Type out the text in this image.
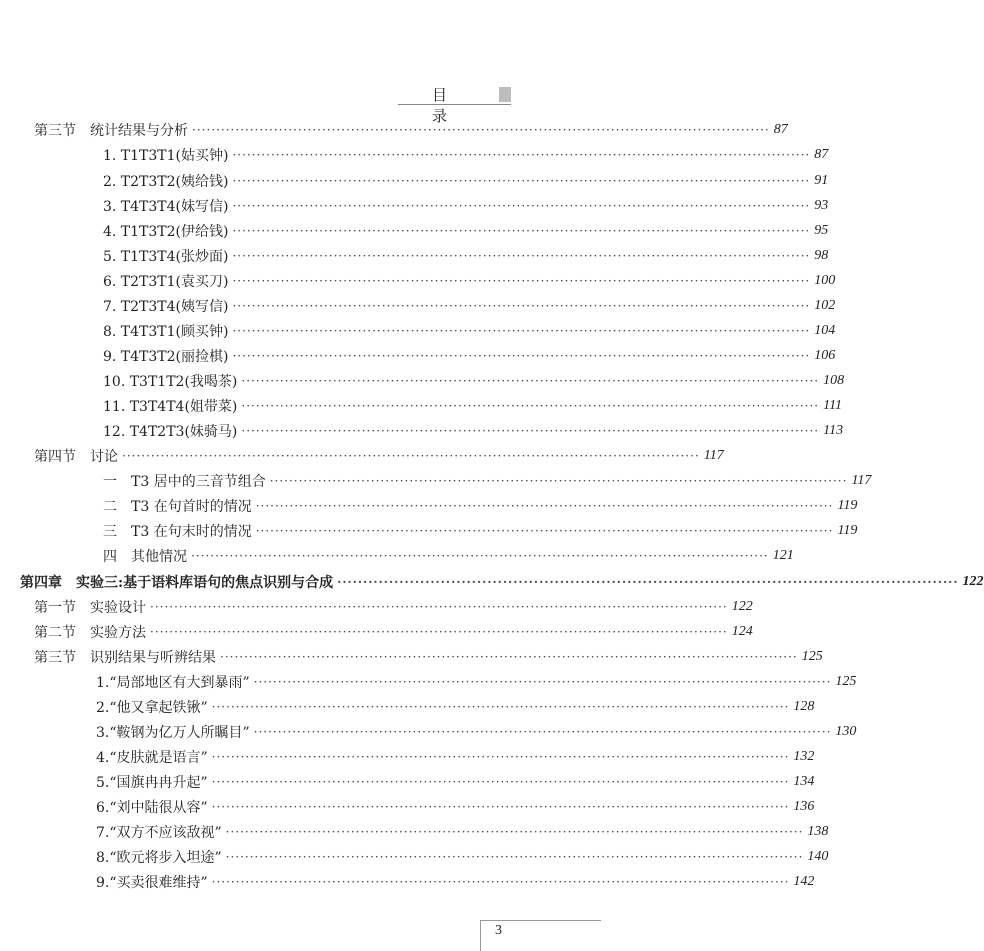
目 录
第三节 统计结果与分析 ························································································································ 87
1. T1T3T1(姑买钟) ························································································································ 87
2. T2T3T2(姨给钱) ························································································································ 91
3. T4T3T4(妹写信) ························································································································ 93
4. T1T3T2(伊给钱) ························································································································ 95
5. T1T3T4(张炒面) ························································································································ 98
6. T2T3T1(袁买刀) ························································································································ 100
7. T2T3T4(姨写信) ························································································································ 102
8. T4T3T1(顾买钟) ························································································································ 104
9. T4T3T2(丽捡棋) ························································································································ 106
10. T3T1T2(我喝茶) ························································································································ 108
11. T3T4T4(姐带菜) ························································································································ 111
12. T4T2T3(妹骑马) ························································································································ 113
第四节 讨论 ························································································································ 117
一 T3 居中的三音节组合 ························································································································ 117
二 T3 在句首时的情况 ························································································································ 119
三 T3 在句末时的情况 ························································································································ 119
四 其他情况 ························································································································ 121
第四章 实验三:基于语料库语句的焦点识别与合成 ························································································································ 122
第一节 实验设计 ························································································································ 122
第二节 实验方法 ························································································································ 124
第三节 识别结果与听辨结果 ························································································································ 125
1.“局部地区有大到暴雨” ························································································································ 125
2.“他又拿起铁锹” ························································································································ 128
3.“鞍钢为亿万人所瞩目” ························································································································ 130
4.“皮肤就是语言” ························································································································ 132
5.“国旗冉冉升起” ························································································································ 134
6.“刘中陆很从容” ························································································································ 136
7.“双方不应该敌视” ························································································································ 138
8.“欧元将步入坦途” ························································································································ 140
9.“买卖很难维持” ························································································································ 142
3
